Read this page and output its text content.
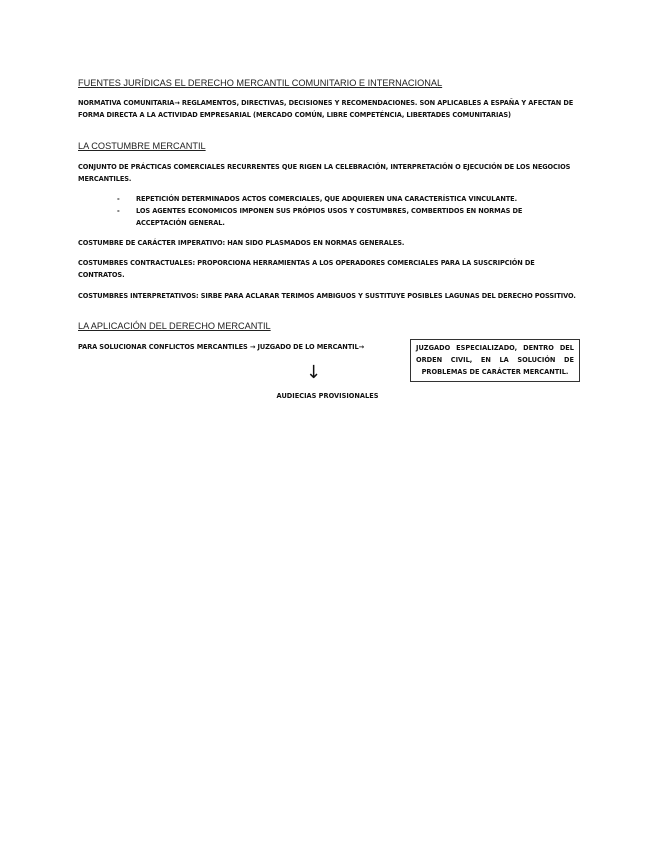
FUENTES JURÍDICAS EL DERECHO MERCANTIL COMUNITARIO E INTERNACIONAL
NORMATIVA COMUNITARIA→ REGLAMENTOS, DIRECTIVAS, DECISIONES Y RECOMENDACIONES. SON APLICABLES A ESPAÑA Y AFECTAN DE FORMA DIRECTA A LA ACTIVIDAD EMPRESARIAL (MERCADO COMÚN, LIBRE COMPETÉNCIA, LIBERTADES COMUNITARIAS)
LA COSTUMBRE MERCANTIL
CONJUNTO DE PRÁCTICAS COMERCIALES RECURRENTES QUE RIGEN LA CELEBRACIÓN, INTERPRETACIÓN O EJECUCIÓN DE LOS NEGOCIOS MERCANTILES.
- REPETICIÓN DETERMINADOS ACTOS COMERCIALES, QUE ADQUIEREN UNA CARACTERÍSTICA VINCULANTE.
- LOS AGENTES ECONOMICOS IMPONEN SUS PRÓPIOS USOS Y COSTUMBRES, COMBERTIDOS EN NORMAS DE ACCEPTACIÓN GENERAL.
COSTUMBRE DE CARÁCTER IMPERATIVO: HAN SIDO PLASMADOS EN NORMAS GENERALES.
COSTUMBRES CONTRACTUALES: PROPORCIONA HERRAMIENTAS A LOS OPERADORES COMERCIALES PARA LA SUSCRIPCIÓN DE CONTRATOS.
COSTUMBRES INTERPRETATIVOS: SIRBE PARA ACLARAR TERIMOS AMBIGUOS Y SUSTITUYE POSIBLES LAGUNAS DEL DERECHO POSSITIVO.
LA APLICACIÓN DEL DERECHO MERCANTIL
PARA SOLUCIONAR CONFLICTOS MERCANTILES → JUZGADO DE LO MERCANTIL→	JUZGADO ESPECIALIZADO, DENTRO DEL ORDEN CIVIL, EN LA SOLUCIÓN DE PROBLEMAS DE CARÁCTER MERCANTIL.
↓
AUDIECIAS PROVISIONALES
